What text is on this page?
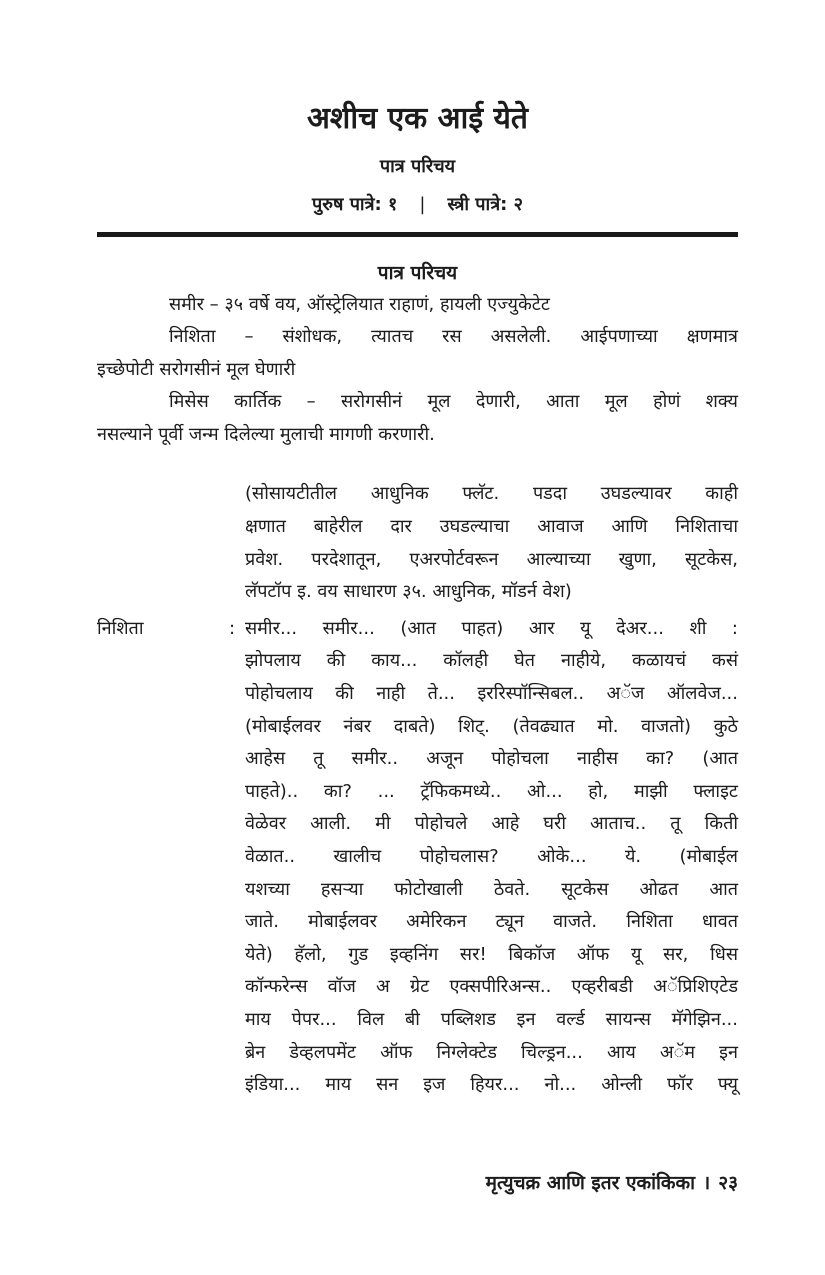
अशीच एक आई येते
पात्र परिचय
पुरुष पात्रे: १ | स्त्री पात्रे: २
पात्र परिचय
समीर – ३५ वर्षे वय, ऑस्ट्रेलियात राहाणं, हायली एज्युकेटेट
निशिता – संशोधक, त्यातच रस असलेली. आईपणाच्या क्षणमात्र
इच्छेपोटी सरोगसीनं मूल घेणारी
मिसेस कार्तिक – सरोगसीनं मूल देणारी, आता मूल होणं शक्य
नसल्याने पूर्वी जन्म दिलेल्या मुलाची मागणी करणारी.
(सोसायटीतील आधुनिक फ्लॅट. पडदा उघडल्यावर काही
क्षणात बाहेरील दार उघडल्याचा आवाज आणि निशिताचा
प्रवेश. परदेशातून, एअरपोर्टवरून आल्याच्या खुणा, सूटकेस,
लॅपटॉप इ. वय साधारण ३५. आधुनिक, मॉडर्न वेश)
निशिता	: समीर... समीर... (आत पाहत) आर यू देअर... शी :
झोपलाय की काय... कॉलही घेत नाहीये, कळायचं कसं
पोहोचलाय की नाही ते... इररिस्पॉन्सिबल.. अॅज ऑलवेज...
(मोबाईलवर नंबर दाबते) शिट्. (तेवढ्यात मो. वाजतो) कुठे
आहेस तू समीर.. अजून पोहोचला नाहीस का? (आत
पाहते).. का? ... ट्रॅफिकमध्ये.. ओ... हो, माझी फ्लाइट
वेळेवर आली. मी पोहोचले आहे घरी आताच.. तू किती
वेळात.. खालीच पोहोचलास? ओके... ये. (मोबाईल
यशच्या हसऱ्या फोटोखाली ठेवते. सूटकेस ओढत आत
जाते. मोबाईलवर अमेरिकन ट्यून वाजते. निशिता धावत
येते) हॅलो, गुड इव्हनिंग सर! बिकॉज ऑफ यू सर, धिस
कॉन्फरेन्स वॉज अ ग्रेट एक्सपीरिअन्स.. एव्हरीबडी अॅप्रिशिएटेड
माय पेपर... विल बी पब्लिशड इन वर्ल्ड सायन्स मॅगेझिन...
ब्रेन डेव्हलपमेंट ऑफ निग्लेक्टेड चिल्ड्रन... आय अॅम इन
इंडिया... माय सन इज हियर... नो... ओन्ली फॉर फ्यू
मृत्युचक्र आणि इतर एकांकिका । २३
